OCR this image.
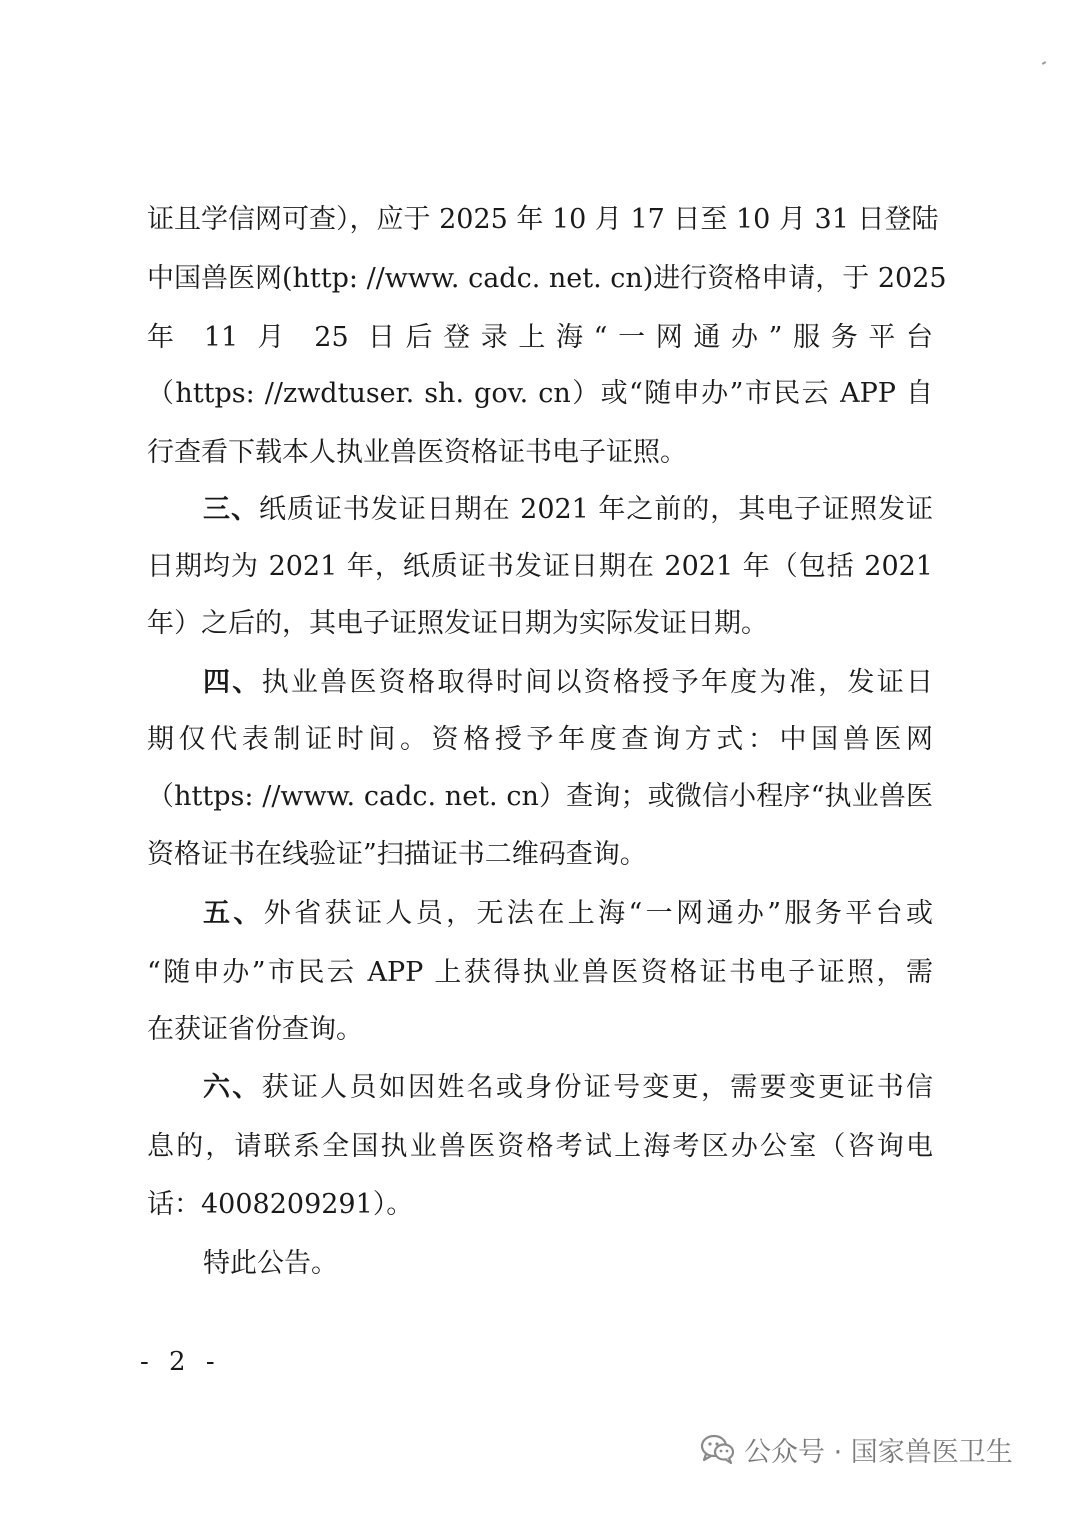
证且学信网可查），应于 2025 年 10 月 17 日至 10 月 31 日登陆
中国兽医网(http: //www. cadc. net. cn)进行资格申请，于 2025
年 11 月 25 日后登录上海“一网通办”服务平台
（https: //zwdtuser. sh. gov. cn）或“随申办”市民云 APP 自
行查看下载本人执业兽医资格证书电子证照。
三、纸质证书发证日期在 2021 年之前的，其电子证照发证
日期均为 2021 年，纸质证书发证日期在 2021 年（包括 2021
年）之后的，其电子证照发证日期为实际发证日期。
四、执业兽医资格取得时间以资格授予年度为准，发证日
期仅代表制证时间。资格授予年度查询方式：中国兽医网
（https: //www. cadc. net. cn）查询；或微信小程序“执业兽医
资格证书在线验证”扫描证书二维码查询。
五、外省获证人员，无法在上海“一网通办”服务平台或
“随申办”市民云 APP 上获得执业兽医资格证书电子证照，需
在获证省份查询。
六、获证人员如因姓名或身份证号变更，需要变更证书信
息的，请联系全国执业兽医资格考试上海考区办公室（咨询电
话：4008209291）。
特此公告。
- 2 -
公众号 · 国家兽医卫生
